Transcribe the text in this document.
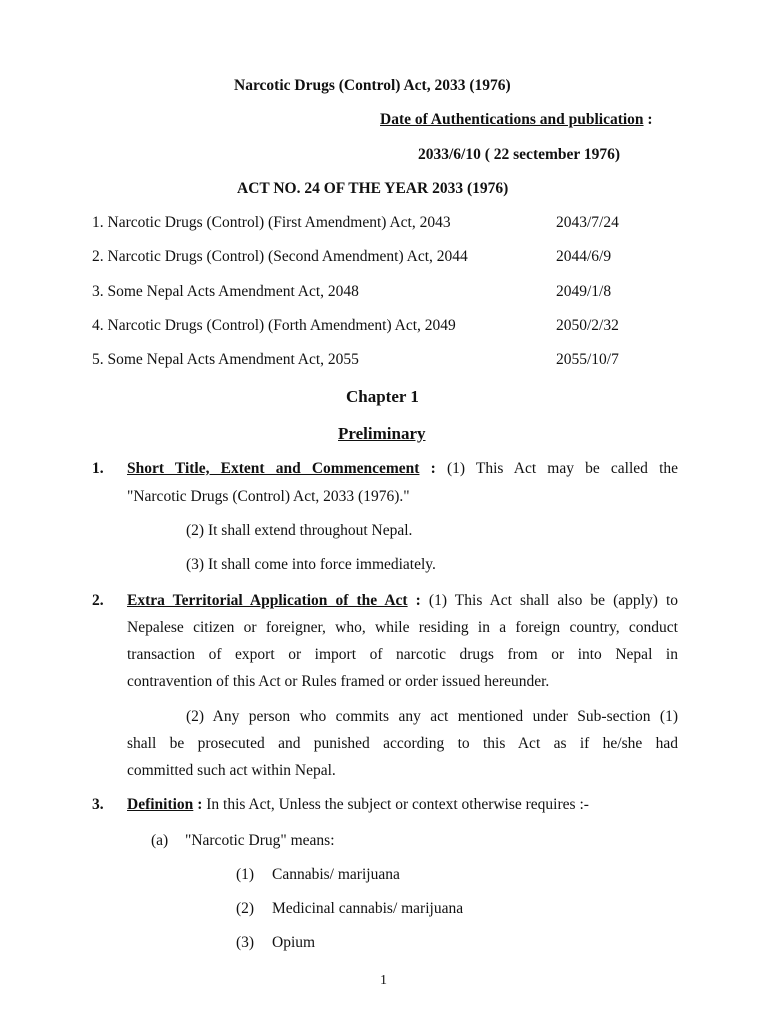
Narcotic Drugs (Control) Act, 2033 (1976)
Date of Authentications and publication :
2033/6/10 ( 22 sectember 1976)
ACT NO. 24 OF THE YEAR 2033 (1976)
1. Narcotic Drugs (Control) (First Amendment) Act, 2043	2043/7/24
2. Narcotic Drugs (Control) (Second Amendment) Act, 2044	2044/6/9
3. Some Nepal Acts Amendment Act, 2048	2049/1/8
4. Narcotic Drugs (Control) (Forth Amendment) Act, 2049	2050/2/32
5. Some Nepal Acts Amendment Act, 2055	2055/10/7
Chapter 1
Preliminary
1. Short Title, Extent and Commencement : (1) This Act may be called the
"Narcotic Drugs (Control) Act, 2033 (1976)."
(2) It shall extend throughout Nepal.
(3) It shall come into force immediately.
2. Extra Territorial Application of the Act : (1) This Act shall also be (apply) to
Nepalese citizen or foreigner, who, while residing in a foreign country, conduct
transaction of export or import of narcotic drugs from or into Nepal in
contravention of this Act or Rules framed or order issued hereunder.
(2) Any person who commits any act mentioned under Sub-section (1)
shall be prosecuted and punished according to this Act as if he/she had
committed such act within Nepal.
3. Definition : In this Act, Unless the subject or context otherwise requires :-
(a) "Narcotic Drug" means:
(1) Cannabis/ marijuana
(2) Medicinal cannabis/ marijuana
(3) Opium
1
